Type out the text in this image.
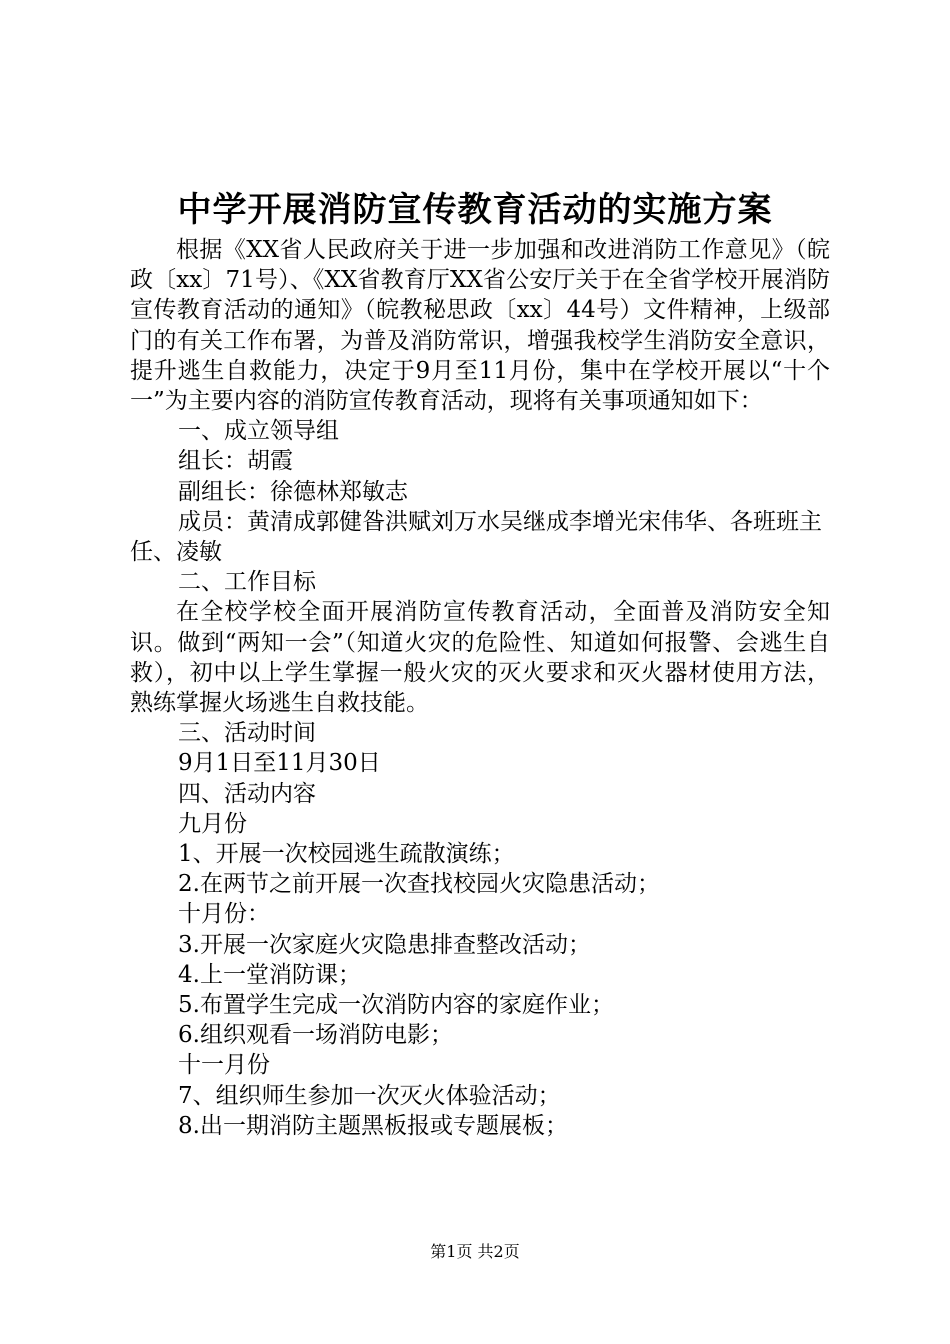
中学开展消防宣传教育活动的实施方案

根据《XX省人民政府关于进一步加强和改进消防工作意见》（皖政〔xx〕71号）、《XX省教育厅XX省公安厅关于在全省学校开展消防宣传教育活动的通知》（皖教秘思政〔xx〕44号）文件精神，上级部门的有关工作布署，为普及消防常识，增强我校学生消防安全意识，提升逃生自救能力，决定于9月至11月份，集中在学校开展以“十个一”为主要内容的消防宣传教育活动，现将有关事项通知如下：

一、成立领导组

组长：胡霞

副组长：徐德林郑敏志

成员：黄清成郭健昝洪赋刘万水吴继成李增光宋伟华、各班班主任、凌敏

二、工作目标

在全校学校全面开展消防宣传教育活动，全面普及消防安全知识。做到“两知一会”（知道火灾的危险性、知道如何报警、会逃生自救），初中以上学生掌握一般火灾的灭火要求和灭火器材使用方法，熟练掌握火场逃生自救技能。

三、活动时间

9月1日至11月30日

四、活动内容

九月份

1、开展一次校园逃生疏散演练；

2.在两节之前开展一次查找校园火灾隐患活动；

十月份：

3.开展一次家庭火灾隐患排查整改活动；

4.上一堂消防课；

5.布置学生完成一次消防内容的家庭作业；

6.组织观看一场消防电影；

十一月份

7、组织师生参加一次灭火体验活动；

8.出一期消防主题黑板报或专题展板；

第1页 共2页
